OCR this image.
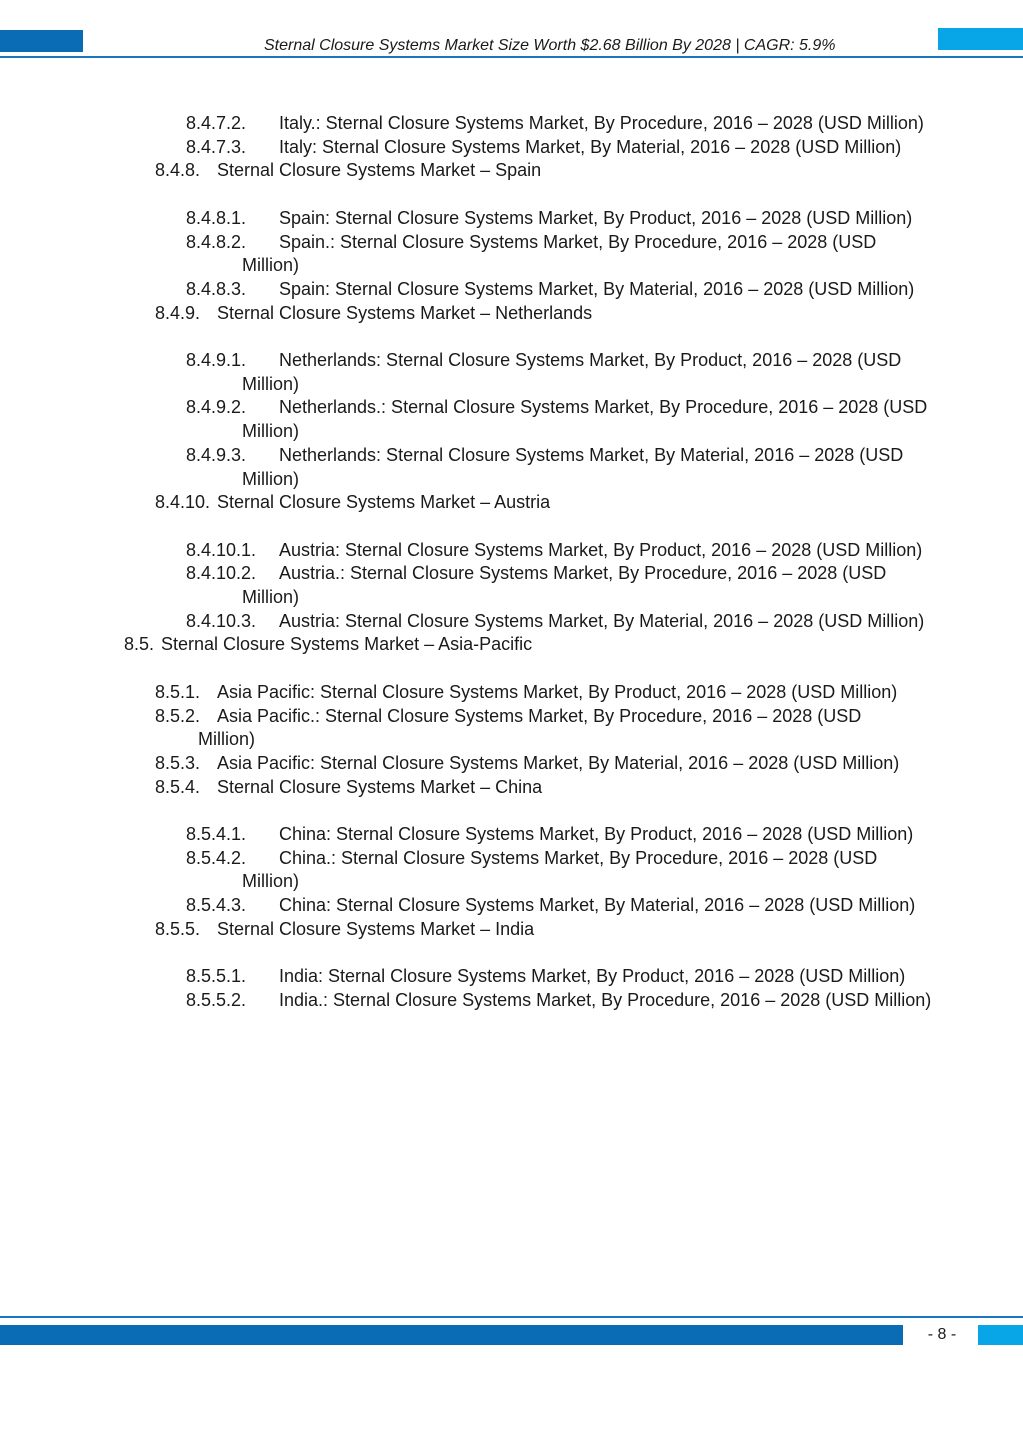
Sternal Closure Systems Market Size Worth $2.68 Billion By 2028 | CAGR: 5.9%
8.4.7.2.	Italy.: Sternal Closure Systems Market, By Procedure, 2016 – 2028 (USD Million)
8.4.7.3.	Italy: Sternal Closure Systems Market, By Material, 2016 – 2028 (USD Million)
8.4.8. Sternal Closure Systems Market – Spain
8.4.8.1.	Spain: Sternal Closure Systems Market, By Product, 2016 – 2028 (USD Million)
8.4.8.2.	Spain.: Sternal Closure Systems Market, By Procedure, 2016 – 2028 (USD Million)
8.4.8.3.	Spain: Sternal Closure Systems Market, By Material, 2016 – 2028 (USD Million)
8.4.9. Sternal Closure Systems Market – Netherlands
8.4.9.1.	Netherlands: Sternal Closure Systems Market, By Product, 2016 – 2028 (USD Million)
8.4.9.2.	Netherlands.: Sternal Closure Systems Market, By Procedure, 2016 – 2028 (USD Million)
8.4.9.3.	Netherlands: Sternal Closure Systems Market, By Material, 2016 – 2028 (USD Million)
8.4.10. Sternal Closure Systems Market – Austria
8.4.10.1.	Austria: Sternal Closure Systems Market, By Product, 2016 – 2028 (USD Million)
8.4.10.2.	Austria.: Sternal Closure Systems Market, By Procedure, 2016 – 2028 (USD Million)
8.4.10.3.	Austria: Sternal Closure Systems Market, By Material, 2016 – 2028 (USD Million)
8.5. Sternal Closure Systems Market – Asia-Pacific
8.5.1. Asia Pacific: Sternal Closure Systems Market, By Product, 2016 – 2028 (USD Million)
8.5.2. Asia Pacific.: Sternal Closure Systems Market, By Procedure, 2016 – 2028 (USD Million)
8.5.3. Asia Pacific: Sternal Closure Systems Market, By Material, 2016 – 2028 (USD Million)
8.5.4. Sternal Closure Systems Market – China
8.5.4.1.	China: Sternal Closure Systems Market, By Product, 2016 – 2028 (USD Million)
8.5.4.2.	China.: Sternal Closure Systems Market, By Procedure, 2016 – 2028 (USD Million)
8.5.4.3.	China: Sternal Closure Systems Market, By Material, 2016 – 2028 (USD Million)
8.5.5. Sternal Closure Systems Market – India
8.5.5.1.	India: Sternal Closure Systems Market, By Product, 2016 – 2028 (USD Million)
8.5.5.2.	India.: Sternal Closure Systems Market, By Procedure, 2016 – 2028 (USD Million)
- 8 -
